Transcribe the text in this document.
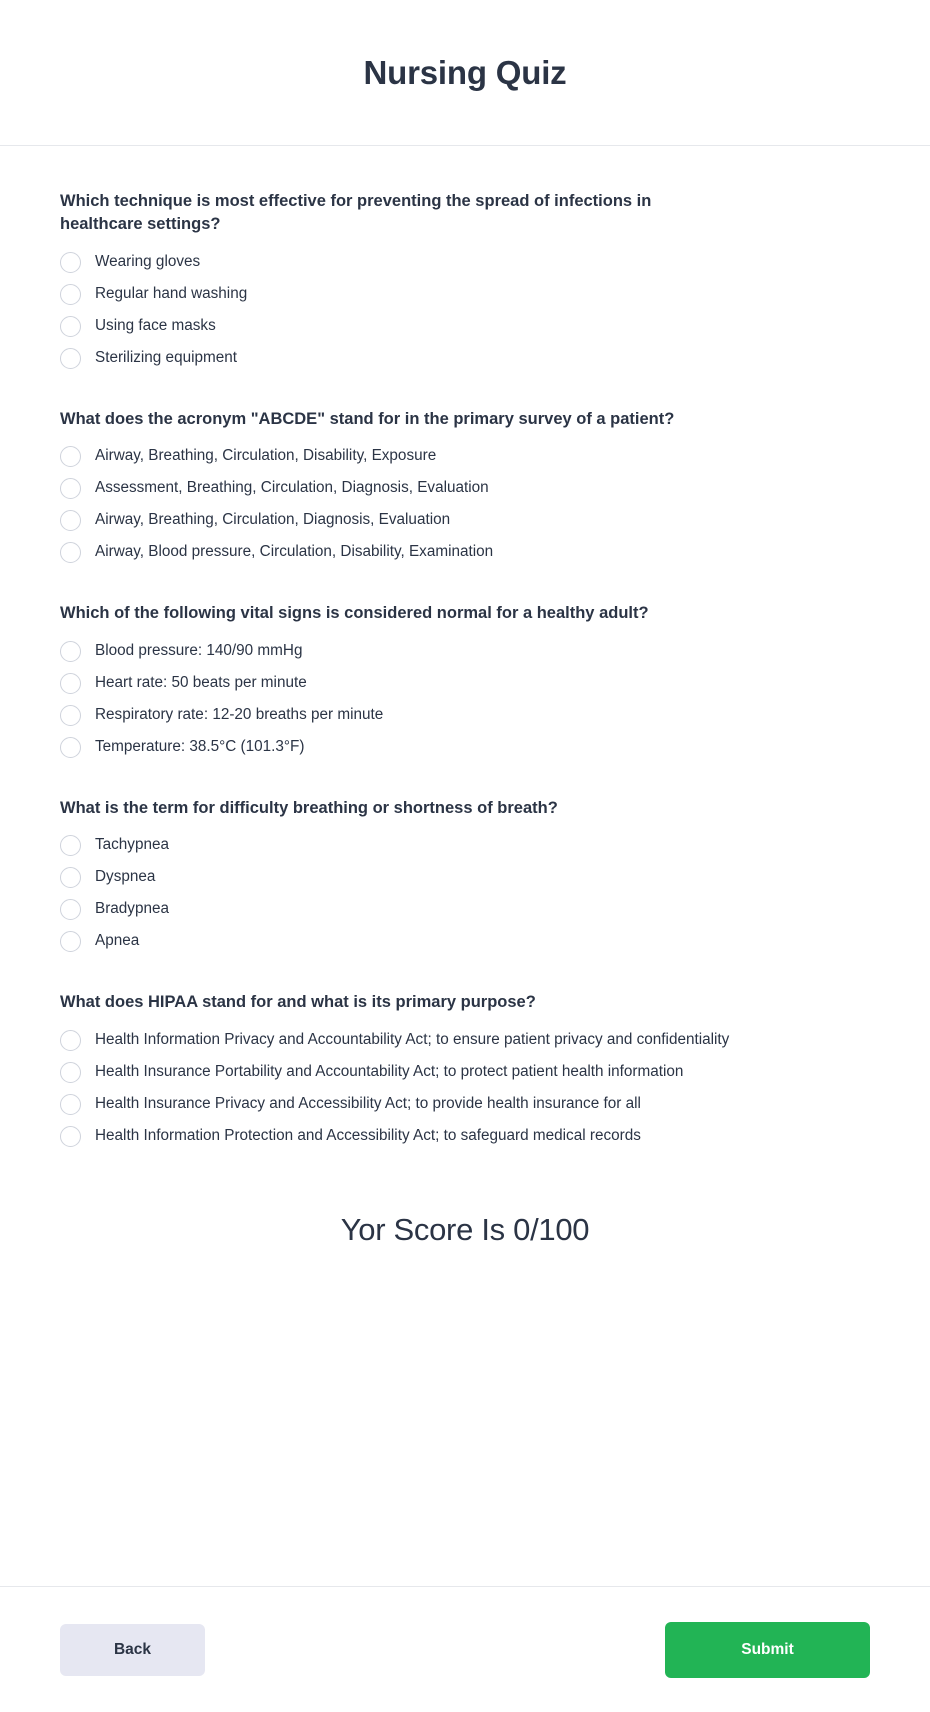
Nursing Quiz
Which technique is most effective for preventing the spread of infections in healthcare settings?
Wearing gloves
Regular hand washing
Using face masks
Sterilizing equipment
What does the acronym "ABCDE" stand for in the primary survey of a patient?
Airway, Breathing, Circulation, Disability, Exposure
Assessment, Breathing, Circulation, Diagnosis, Evaluation
Airway, Breathing, Circulation, Diagnosis, Evaluation
Airway, Blood pressure, Circulation, Disability, Examination
Which of the following vital signs is considered normal for a healthy adult?
Blood pressure: 140/90 mmHg
Heart rate: 50 beats per minute
Respiratory rate: 12-20 breaths per minute
Temperature: 38.5°C (101.3°F)
What is the term for difficulty breathing or shortness of breath?
Tachypnea
Dyspnea
Bradypnea
Apnea
What does HIPAA stand for and what is its primary purpose?
Health Information Privacy and Accountability Act; to ensure patient privacy and confidentiality
Health Insurance Portability and Accountability Act; to protect patient health information
Health Insurance Privacy and Accessibility Act; to provide health insurance for all
Health Information Protection and Accessibility Act; to safeguard medical records
Yor Score Is 0/100
Back	Submit
